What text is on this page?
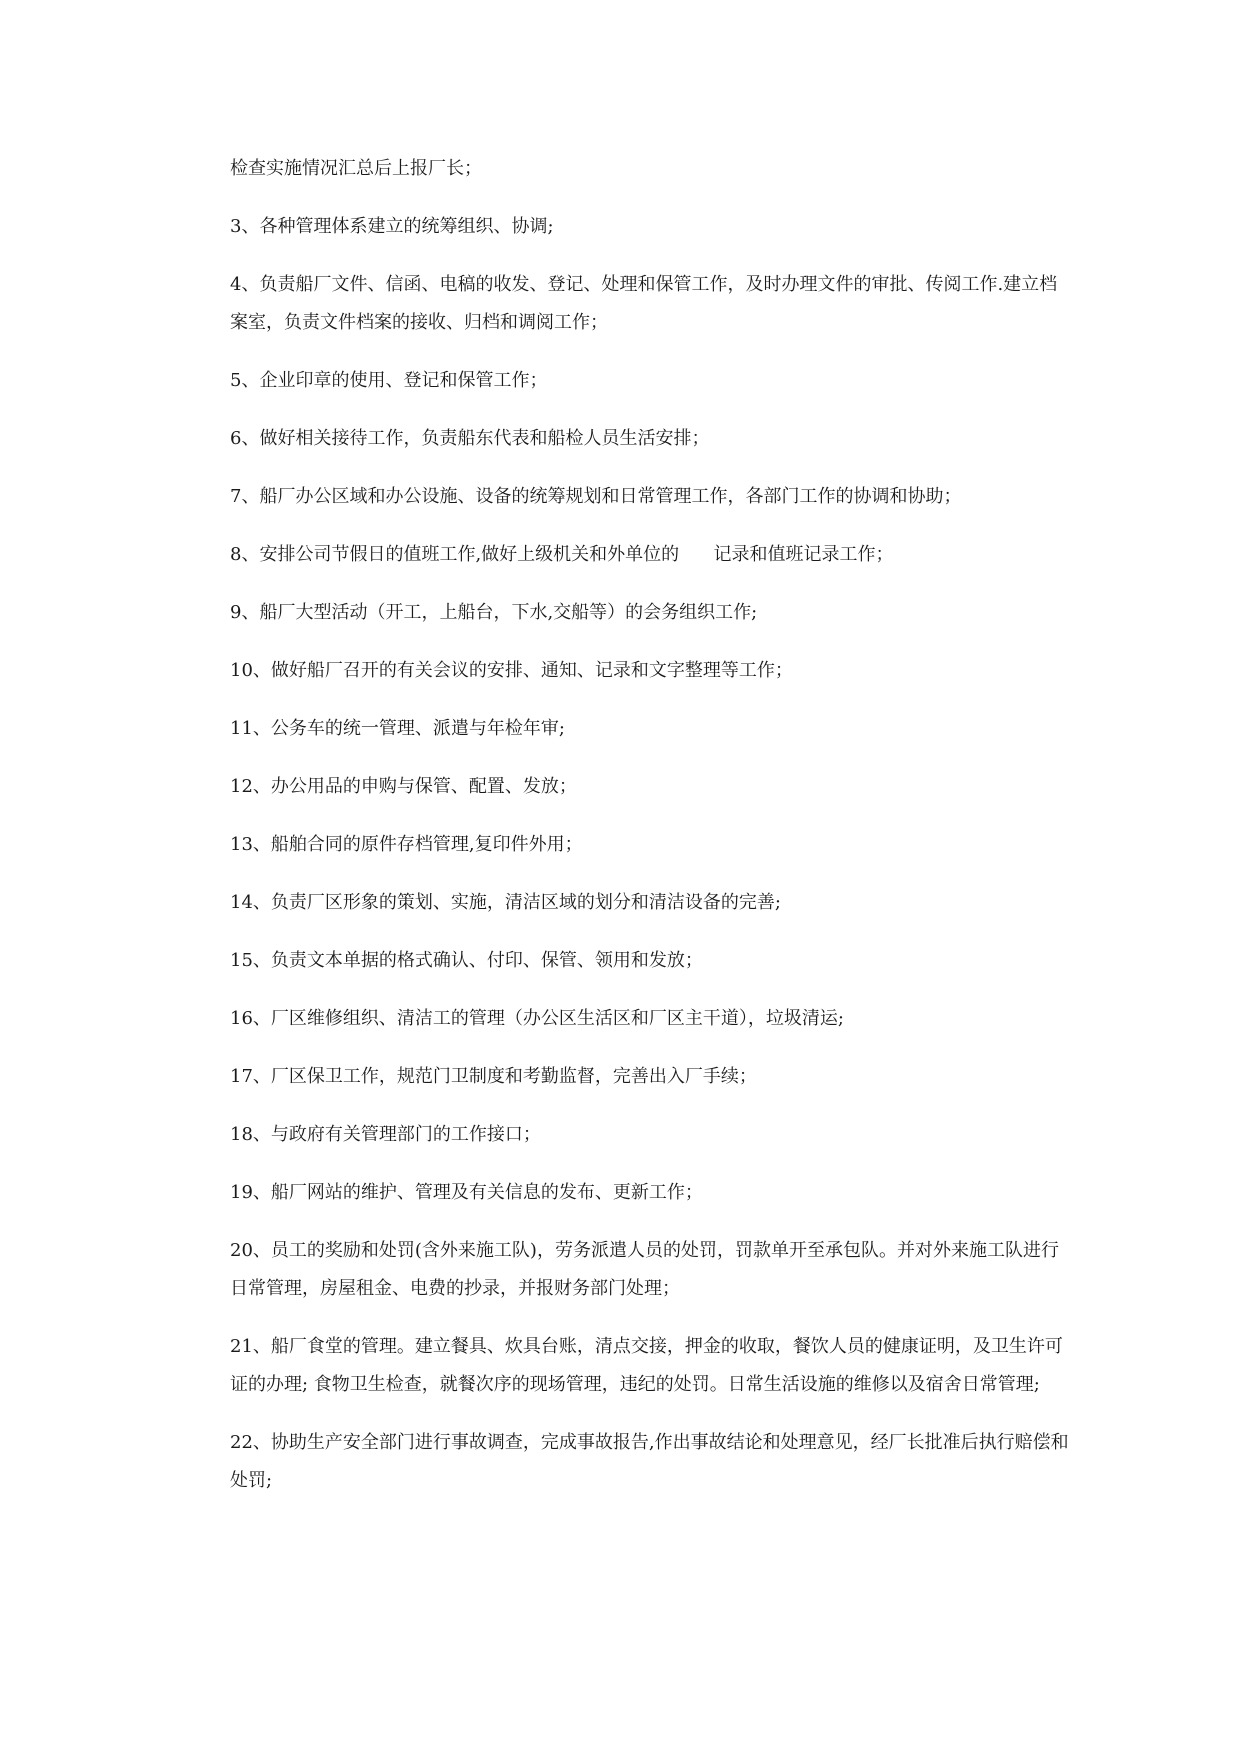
检查实施情况汇总后上报厂长；

3、各种管理体系建立的统筹组织、协调;

4、负责船厂文件、信函、电稿的收发、登记、处理和保管工作，及时办理文件的审批、传阅工作.建立档案室，负责文件档案的接收、归档和调阅工作；

5、企业印章的使用、登记和保管工作；

6、做好相关接待工作，负责船东代表和船检人员生活安排；

7、船厂办公区域和办公设施、设备的统筹规划和日常管理工作，各部门工作的协调和协助；

8、安排公司节假日的值班工作,做好上级机关和外单位的      记录和值班记录工作；

9、船厂大型活动（开工，上船台，下水,交船等）的会务组织工作;

10、做好船厂召开的有关会议的安排、通知、记录和文字整理等工作；

11、公务车的统一管理、派遣与年检年审;

12、办公用品的申购与保管、配置、发放；

13、船舶合同的原件存档管理,复印件外用；

14、负责厂区形象的策划、实施，清洁区域的划分和清洁设备的完善;

15、负责文本单据的格式确认、付印、保管、领用和发放；

16、厂区维修组织、清洁工的管理（办公区生活区和厂区主干道），垃圾清运;

17、厂区保卫工作，规范门卫制度和考勤监督，完善出入厂手续；

18、与政府有关管理部门的工作接口；

19、船厂网站的维护、管理及有关信息的发布、更新工作；

20、员工的奖励和处罚(含外来施工队)，劳务派遣人员的处罚，罚款单开至承包队。并对外来施工队进行日常管理，房屋租金、电费的抄录，并报财务部门处理；

21、船厂食堂的管理。建立餐具、炊具台账，清点交接，押金的收取，餐饮人员的健康证明，及卫生许可证的办理; 食物卫生检查，就餐次序的现场管理，违纪的处罚。日常生活设施的维修以及宿舍日常管理;

22、协助生产安全部门进行事故调查，完成事故报告,作出事故结论和处理意见，经厂长批准后执行赔偿和处罚;
